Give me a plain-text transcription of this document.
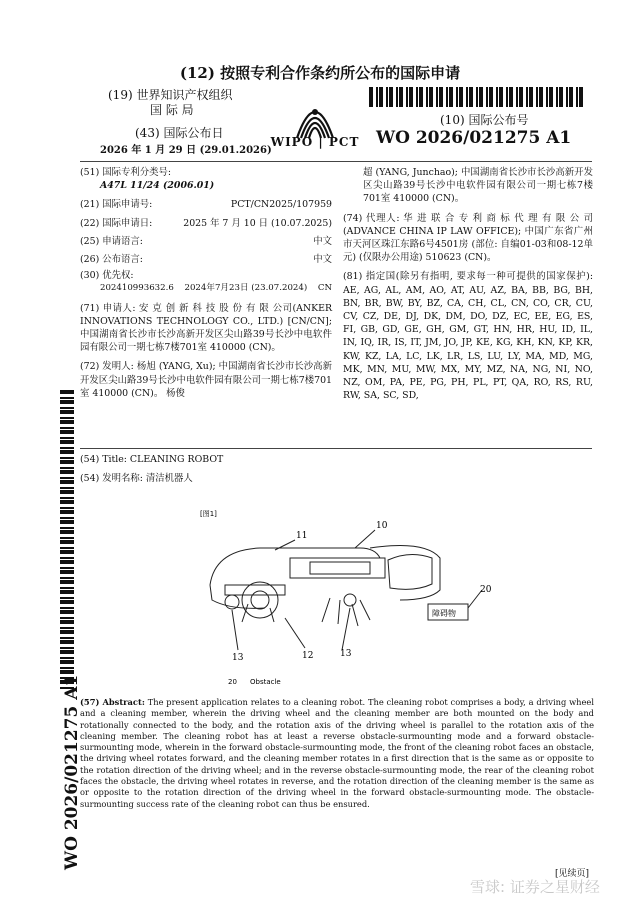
(12) 按照专利合作条约所公布的国际申请
(19) 世界知识产权组织
国 际 局
(43) 国际公布日
2026 年 1 月 29 日 (29.01.2026)
WIPO | PCT
(10) 国际公布号
WO 2026/021275 A1
(51) 国际专利分类号:
A47L 11/24 (2006.01)
(21) 国际申请号:	PCT/CN2025/107959
(22) 国际申请日:	2025 年 7 月 10 日 (10.07.2025)
(25) 申请语言:	中文
(26) 公布语言:	中文
(30) 优先权:
202410993632.6 2024年7月23日 (23.07.2024) CN
(71) 申请人: 安 克 创 新 科 技 股 份 有 限 公司(ANKER INNOVATIONS TECHNOLOGY CO., LTD.) [CN/CN]; 中国湖南省长沙市长沙高新开发区尖山路39号长沙中电软件园有限公司一期七栋7楼701室 410000 (CN)。
(72) 发明人: 杨旭 (YANG, Xu); 中国湖南省长沙市长沙高新开发区尖山路39号长沙中电软件园有限公司一期七栋7楼701室 410000 (CN)。 杨俊
超 (YANG, Junchao); 中国湖南省长沙市长沙高新开发区尖山路39号长沙中电软件园有限公司一期七栋7楼701室 410000 (CN)。
(74) 代理人: 华 进 联 合 专 利 商 标 代 理 有 限 公 司 (ADVANCE CHINA IP LAW OFFICE); 中国广东省广州市天河区珠江东路6号4501房 (部位: 自编01-03和08-12单元) (仅限办公用途) 510623 (CN)。
(81) 指定国(除另有指明, 要求每一种可提供的国家保护): AE, AG, AL, AM, AO, AT, AU, AZ, BA, BB, BG, BH, BN, BR, BW, BY, BZ, CA, CH, CL, CN, CO, CR, CU, CV, CZ, DE, DJ, DK, DM, DO, DZ, EC, EE, EG, ES, FI, GB, GD, GE, GH, GM, GT, HN, HR, HU, ID, IL, IN, IQ, IR, IS, IT, JM, JO, JP, KE, KG, KH, KN, KP, KR, KW, KZ, LA, LC, LK, LR, LS, LU, LY, MA, MD, MG, MK, MN, MU, MW, MX, MY, MZ, NA, NG, NI, NO, NZ, OM, PA, PE, PG, PH, PL, PT, QA, RO, RS, RU, RW, SA, SC, SD,
WO 2026/021275 A1
(54) Title: CLEANING ROBOT
(54) 发明名称: 清洁机器人
[图1]
11
10
20
障碍物
12
13	13
20 Obstacle
(57) Abstract: The present application relates to a cleaning robot. The cleaning robot comprises a body, a driving wheel and a cleaning member, wherein the driving wheel and the cleaning member are both mounted on the body and rotationally connected to the body, and the rotation axis of the driving wheel is parallel to the rotation axis of the cleaning member. The cleaning robot has at least a reverse obstacle-surmounting mode and a forward obstacle-surmounting mode, wherein in the forward obstacle-surmounting mode, the front of the cleaning robot faces an obstacle, the driving wheel rotates forward, and the cleaning member rotates in a first direction that is the same as or opposite to the rotation direction of the driving wheel; and in the reverse obstacle-surmounting mode, the rear of the cleaning robot faces the obstacle, the driving wheel rotates in reverse, and the rotation direction of the cleaning member is the same as or opposite to the rotation direction of the driving wheel in the forward obstacle-surmounting mode. The obstacle-surmounting success rate of the cleaning robot can thus be ensured.
[见续页]
雪球: 证券之星财经
